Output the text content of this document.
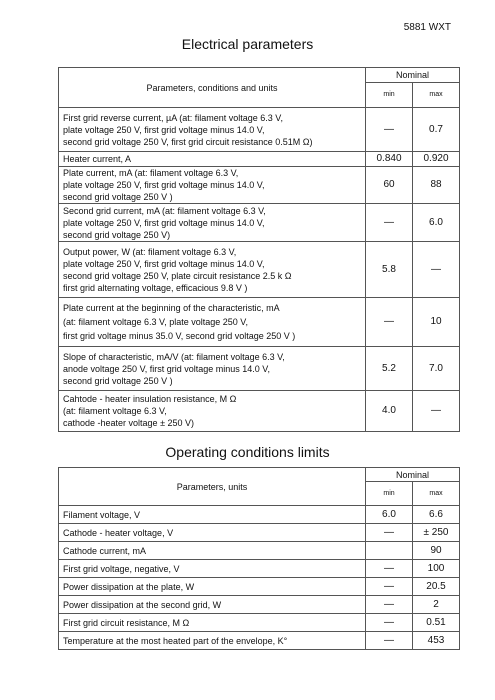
5881 WXT
Electrical parameters
Parameters, conditions and units	Nominal	
	min	max

First grid reverse current, µA (at: filament voltage 6.3 V,
plate voltage 250 V, first grid voltage minus 14.0 V,
second grid voltage 250 V, first grid circuit resistance 0.51M Ω)	—	0.7

Heater current, A	0.840	0.920

Plate current, mA (at: filament voltage 6.3 V,
plate voltage 250 V, first grid voltage minus 14.0 V,
second grid voltage 250 V )	60	88

Second grid current, mA (at: filament voltage 6.3 V,
plate voltage 250 V, first grid voltage minus 14.0 V,
second grid voltage 250 V)	—	6.0

Output power, W (at: filament voltage 6.3 V,
plate voltage 250 V, first grid voltage minus 14.0 V,
second grid voltage 250 V, plate circuit resistance 2.5 k Ω
first grid alternating voltage, efficacious 9.8 V )	5.8	—

Plate current at the beginning of the characteristic, mA
(at: filament voltage 6.3 V, plate voltage 250 V,
first grid voltage minus 35.0 V, second grid voltage 250 V )	—	10

Slope of characteristic, mA/V (at: filament voltage 6.3 V,
anode voltage 250 V, first grid voltage minus 14.0 V,
second grid voltage 250 V )	5.2	7.0

Cahtode - heater insulation resistance, M Ω
(at: filament voltage 6.3 V,
cathode -heater voltage ± 250 V)	4.0	—
Operating conditions limits
Parameters, units	Nominal	
	min	max
Filament voltage, V	6.0	6.6
Cathode - heater voltage, V	—	± 250
Cathode current, mA		90
First grid voltage, negative, V	—	100
Power dissipation at the plate, W	—	20.5
Power dissipation at the second grid, W	—	2
First grid circuit resistance, M Ω	—	0.51
Temperature at the most heated part of the envelope, K°	—	453
